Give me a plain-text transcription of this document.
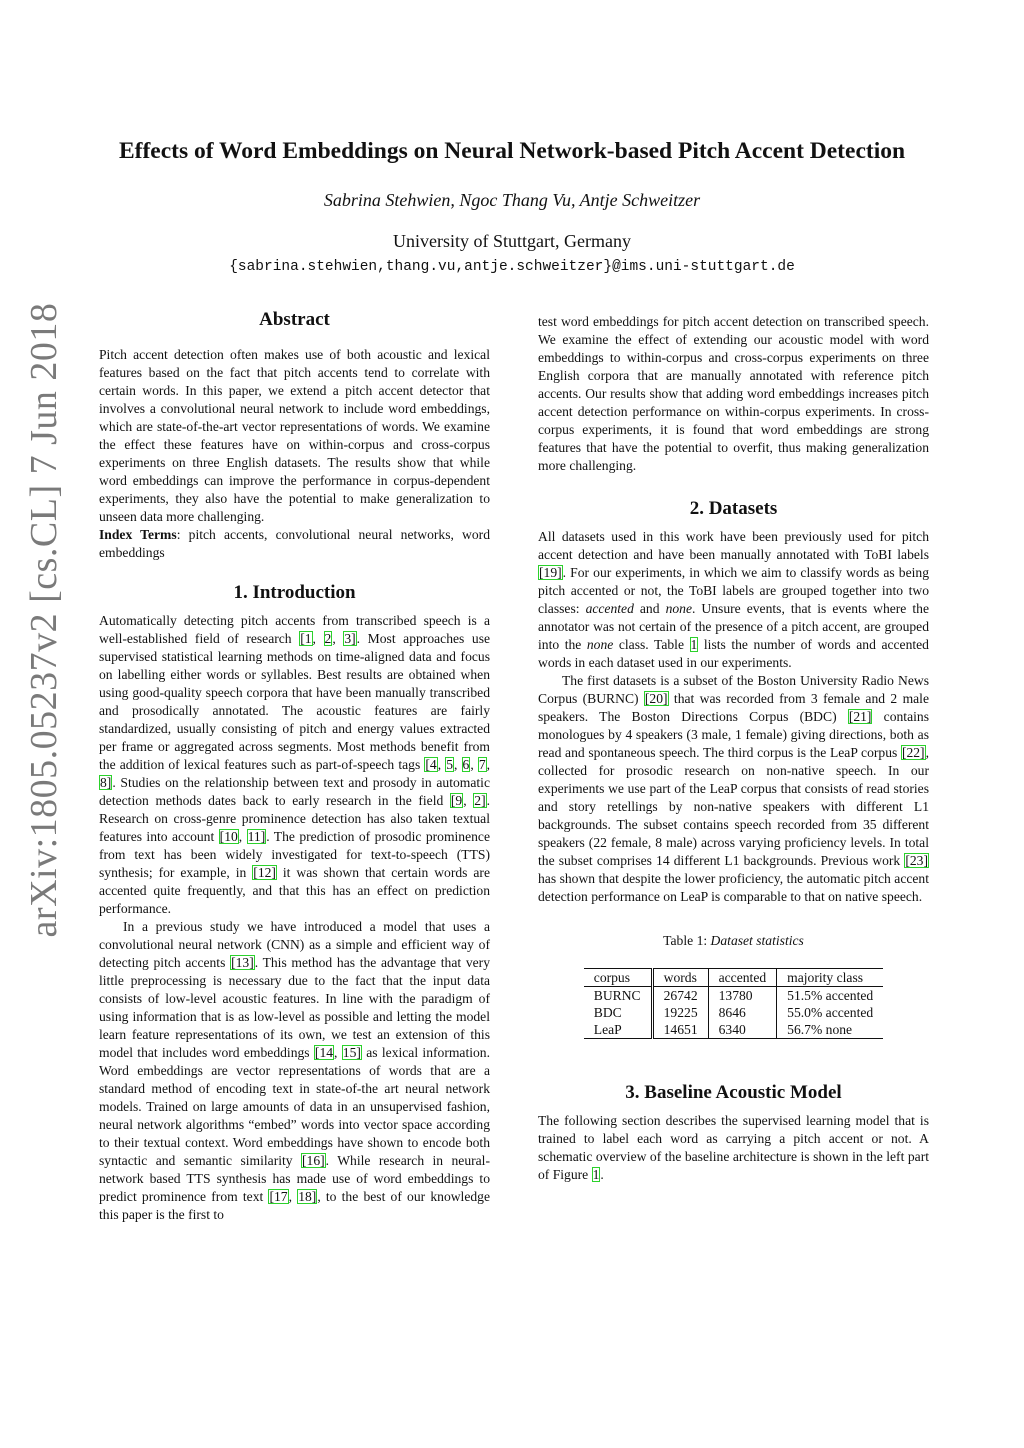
arXiv:1805.05237v2 [cs.CL] 7 Jun 2018
Effects of Word Embeddings on Neural Network-based Pitch Accent Detection
Sabrina Stehwien, Ngoc Thang Vu, Antje Schweitzer
University of Stuttgart, Germany
{sabrina.stehwien,thang.vu,antje.schweitzer}@ims.uni-stuttgart.de
Abstract

Pitch accent detection often makes use of both acoustic and lexical features based on the fact that pitch accents tend to correlate with certain words. In this paper, we extend a pitch accent detector that involves a convolutional neural network to include word embeddings, which are state-of-the-art vector representations of words. We examine the effect these features have on within-corpus and cross-corpus experiments on three English datasets. The results show that while word embeddings can improve the performance in corpus-dependent experiments, they also have the potential to make generalization to unseen data more challenging.

Index Terms: pitch accents, convolutional neural networks, word embeddings

1. Introduction

Automatically detecting pitch accents from transcribed speech is a well-established field of research [1, 2, 3]. Most approaches use supervised statistical learning methods on time-aligned data and focus on labelling either words or syllables. Best results are obtained when using good-quality speech corpora that have been manually transcribed and prosodically annotated. The acoustic features are fairly standardized, usually consisting of pitch and energy values extracted per frame or aggregated across segments. Most methods benefit from the addition of lexical features such as part-of-speech tags [4, 5, 6, 7, 8]. Studies on the relationship between text and prosody in automatic detection methods dates back to early research in the field [9, 2]. Research on cross-genre prominence detection has also taken textual features into account [10, 11]. The prediction of prosodic prominence from text has been widely investigated for text-to-speech (TTS) synthesis; for example, in [12] it was shown that certain words are accented quite frequently, and that this has an effect on prediction performance.

In a previous study we have introduced a model that uses a convolutional neural network (CNN) as a simple and efficient way of detecting pitch accents [13]. This method has the advantage that very little preprocessing is necessary due to the fact that the input data consists of low-level acoustic features. In line with the paradigm of using information that is as low-level as possible and letting the model learn feature representations of its own, we test an extension of this model that includes word embeddings [14, 15] as lexical information. Word embeddings are vector representations of words that are a standard method of encoding text in state-of-the art neural network models. Trained on large amounts of data in an unsupervised fashion, neural network algorithms “embed” words into vector space according to their textual context. Word embeddings have shown to encode both syntactic and semantic similarity [16]. While research in neural-network based TTS synthesis has made use of word embeddings to predict prominence from text [17, 18], to the best of our knowledge this paper is the first to

test word embeddings for pitch accent detection on transcribed speech. We examine the effect of extending our acoustic model with word embeddings to within-corpus and cross-corpus experiments on three English corpora that are manually annotated with reference pitch accents. Our results show that adding word embeddings increases pitch accent detection performance on within-corpus experiments. In cross-corpus experiments, it is found that word embeddings are strong features that have the potential to overfit, thus making generalization more challenging.

2. Datasets

All datasets used in this work have been previously used for pitch accent detection and have been manually annotated with ToBI labels [19]. For our experiments, in which we aim to classify words as being pitch accented or not, the ToBI labels are grouped together into two classes: accented and none. Unsure events, that is events where the annotator was not certain of the presence of a pitch accent, are grouped into the none class. Table 1 lists the number of words and accented words in each dataset used in our experiments.

The first datasets is a subset of the Boston University Radio News Corpus (BURNC) [20] that was recorded from 3 female and 2 male speakers. The Boston Directions Corpus (BDC) [21] contains monologues by 4 speakers (3 male, 1 female) giving directions, both as read and spontaneous speech. The third corpus is the LeaP corpus [22], collected for prosodic research on non-native speech. In our experiments we use part of the LeaP corpus that consists of read stories and story retellings by non-native speakers with different L1 backgrounds. The subset contains speech recorded from 35 different speakers (22 female, 8 male) across varying proficiency levels. In total the subset comprises 14 different L1 backgrounds. Previous work [23] has shown that despite the lower proficiency, the automatic pitch accent detection performance on LeaP is comparable to that on native speech.

Table 1: Dataset statistics

corpus	words	accented	majority class
BURNC	26742	13780	51.5% accented
BDC	19225	8646	55.0% accented
LeaP	14651	6340	56.7% none
3. Baseline Acoustic Model

The following section describes the supervised learning model that is trained to label each word as carrying a pitch accent or not. A schematic overview of the baseline architecture is shown in the left part of Figure 1.
